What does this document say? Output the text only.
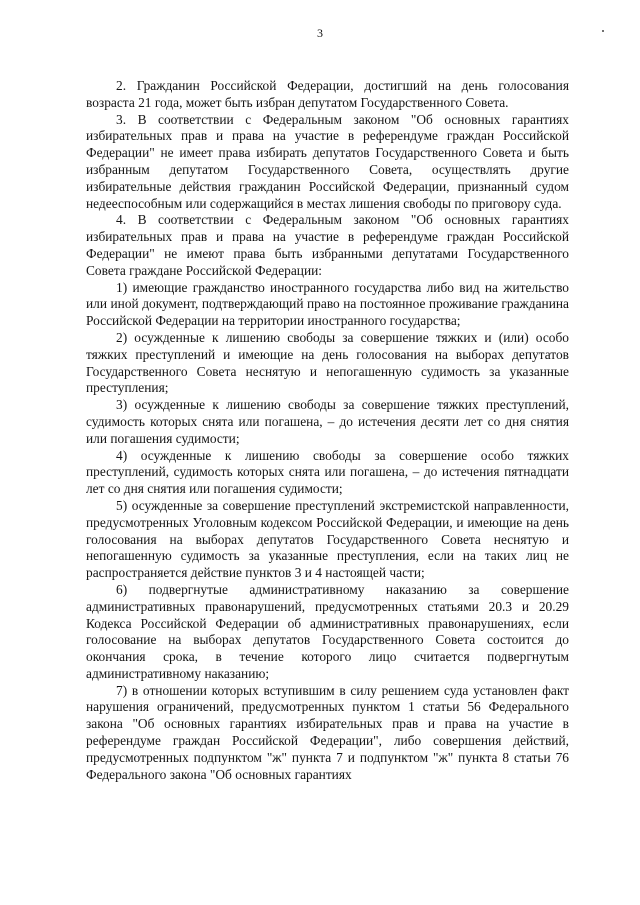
3

2. Гражданин Российской Федерации, достигший на день голосования возраста 21 года, может быть избран депутатом Государственного Совета.

3. В соответствии с Федеральным законом "Об основных гарантиях избирательных прав и права на участие в референдуме граждан Российской Федерации" не имеет права избирать депутатов Государственного Совета и быть избранным депутатом Государственного Совета, осуществлять другие избирательные действия гражданин Российской Федерации, признанный судом недееспособным или содержащийся в местах лишения свободы по приговору суда.

4. В соответствии с Федеральным законом "Об основных гарантиях избирательных прав и права на участие в референдуме граждан Российской Федерации" не имеют права быть избранными депутатами Государственного Совета граждане Российской Федерации:

1) имеющие гражданство иностранного государства либо вид на жительство или иной документ, подтверждающий право на постоянное проживание гражданина Российской Федерации на территории иностранного государства;

2) осужденные к лишению свободы за совершение тяжких и (или) особо тяжких преступлений и имеющие на день голосования на выборах депутатов Государственного Совета неснятую и непогашенную судимость за указанные преступления;

3) осужденные к лишению свободы за совершение тяжких преступлений, судимость которых снята или погашена, – до истечения десяти лет со дня снятия или погашения судимости;

4) осужденные к лишению свободы за совершение особо тяжких преступлений, судимость которых снята или погашена, – до истечения пятнадцати лет со дня снятия или погашения судимости;

5) осужденные за совершение преступлений экстремистской направленности, предусмотренных Уголовным кодексом Российской Федерации, и имеющие на день голосования на выборах депутатов Государственного Совета неснятую и непогашенную судимость за указанные преступления, если на таких лиц не распространяется действие пунктов 3 и 4 настоящей части;

6) подвергнутые административному наказанию за совершение административных правонарушений, предусмотренных статьями 20.3 и 20.29 Кодекса Российской Федерации об административных правонарушениях, если голосование на выборах депутатов Государственного Совета состоится до окончания срока, в течение которого лицо считается подвергнутым административному наказанию;

7) в отношении которых вступившим в силу решением суда установлен факт нарушения ограничений, предусмотренных пунктом 1 статьи 56 Федерального закона "Об основных гарантиях избирательных прав и права на участие в референдуме граждан Российской Федерации", либо совершения действий, предусмотренных подпунктом "ж" пункта 7 и подпунктом "ж" пункта 8 статьи 76 Федерального закона "Об основных гарантиях
